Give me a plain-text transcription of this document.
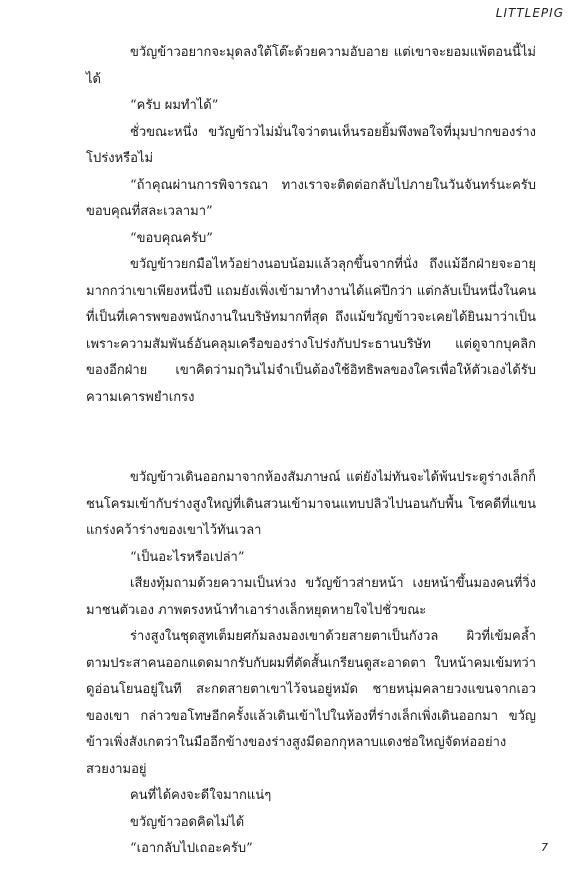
LITTLEPIG

ขวัญข้าวอยากจะมุดลงใต้โต๊ะด้วยความอับอาย แต่เขาจะยอมแพ้ตอนนี้ไม่ได้

“ครับ ผมทำได้”

ชั่วขณะหนึ่ง ขวัญข้าวไม่มั่นใจว่าตนเห็นรอยยิ้มพึงพอใจที่มุมปากของร่างโปร่งหรือไม่

“ถ้าคุณผ่านการพิจารณา ทางเราจะติดต่อกลับไปภายในวันจันทร์นะครับ ขอบคุณที่สละเวลามา”

“ขอบคุณครับ”

ขวัญข้าวยกมือไหว้อย่างนอบน้อมแล้วลุกขึ้นจากที่นั่ง ถึงแม้อีกฝ่ายจะอายุมากกว่าเขาเพียงหนึ่งปี แถมยังเพิ่งเข้ามาทำงานได้แค่ปีกว่า แต่กลับเป็นหนึ่งในคนที่เป็นที่เคารพของพนักงานในบริษัทมากที่สุด ถึงแม้ขวัญข้าวจะเคยได้ยินมาว่าเป็นเพราะความสัมพันธ์อันคลุมเครือของร่างโปร่งกับประธานบริษัท แต่ดูจากบุคลิกของอีกฝ่าย เขาคิดว่ามฤวินไม่จำเป็นต้องใช้อิทธิพลของใครเพื่อให้ตัวเองได้รับความเคารพยำเกรง

ขวัญข้าวเดินออกมาจากห้องสัมภาษณ์ แต่ยังไม่ทันจะได้พ้นประตูร่างเล็กก็ชนโครมเข้ากับร่างสูงใหญ่ที่เดินสวนเข้ามาจนแทบปลิวไปนอนกับพื้น โชคดีที่แขนแกร่งคว้าร่างของเขาไว้ทันเวลา

“เป็นอะไรหรือเปล่า”

เสียงทุ้มถามด้วยความเป็นห่วง ขวัญข้าวส่ายหน้า เงยหน้าขึ้นมองคนที่วิ่งมาชนตัวเอง ภาพตรงหน้าทำเอาร่างเล็กหยุดหายใจไปชั่วขณะ

ร่างสูงในชุดสูทเต็มยศก้มลงมองเขาด้วยสายตาเป็นกังวล ผิวที่เข้มคล้ำตามประสาคนออกแดดมากรับกับผมที่ตัดสั้นเกรียนดูสะอาดตา ใบหน้าคมเข้มทว่าดูอ่อนโยนอยู่ในที สะกดสายตาเขาไว้จนอยู่หมัด ชายหนุ่มคลายวงแขนจากเอวของเขา กล่าวขอโทษอีกครั้งแล้วเดินเข้าไปในห้องที่ร่างเล็กเพิ่งเดินออกมา ขวัญข้าวเพิ่งสังเกตว่าในมืออีกข้างของร่างสูงมีดอกกุหลาบแดงช่อใหญ่จัดห่ออย่างสวยงามอยู่

คนที่ได้คงจะดีใจมากแน่ๆ

ขวัญข้าวอดคิดไม่ได้

“เอากลับไปเถอะครับ”	7
